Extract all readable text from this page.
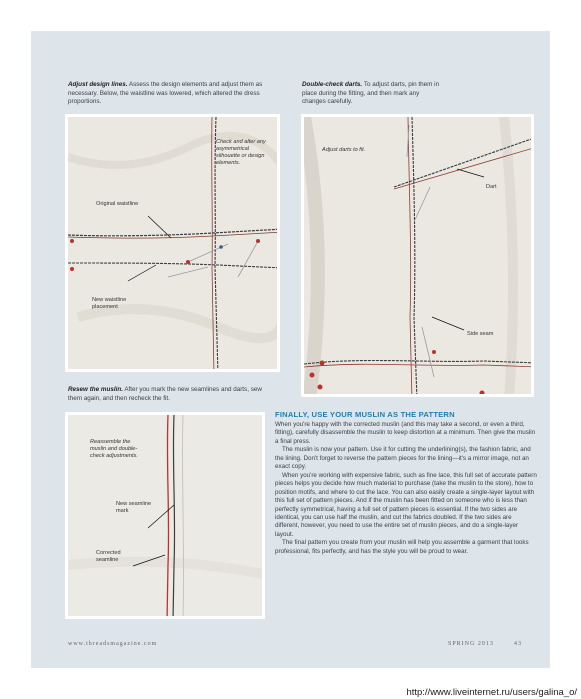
Adjust design lines. Assess the design elements and adjust them as necessary. Below, the waistline was lowered, which altered the dress proportions.
Double-check darts. To adjust darts, pin them in place during the fitting, and then mark any changes carefully.
Check and alter any asymmetrical silhouette or design elements.
Original waistline
New waistline placement
Adjust darts to fit.
Dart
Side seam
Resew the muslin. After you mark the new seamlines and darts, sew them again, and then recheck the fit.
Reassemble the muslin and double-check adjustments.
New seamline mark
Corrected seamline
FINALLY, USE YOUR MUSLIN AS THE PATTERN

When you're happy with the corrected muslin (and this may take a second, or even a third, fitting), carefully disassemble the muslin to keep distortion at a minimum. Then give the muslin a final press.

The muslin is now your pattern. Use it for cutting the underlining(s), the fashion fabric, and the lining. Don't forget to reverse the pattern pieces for the lining—it's a mirror image, not an exact copy.

When you're working with expensive fabric, such as fine lace, this full set of accurate pattern pieces helps you decide how much material to purchase (take the muslin to the store), how to position motifs, and where to cut the lace. You can also easily create a single-layer layout with this full set of pattern pieces. And if the muslin has been fitted on someone who is less than perfectly symmetrical, having a full set of pattern pieces is essential. If the two sides are identical, you can use half the muslin, and cut the fabrics doubled. If the two sides are different, however, you need to use the entire set of muslin pieces, and do a single-layer layout.

The final pattern you create from your muslin will help you assemble a garment that looks professional, fits perfectly, and has the style you will be proud to wear.

www.threadsmagazine.com	SPRING 2013	43
http://www.liveinternet.ru/users/galina_o/
